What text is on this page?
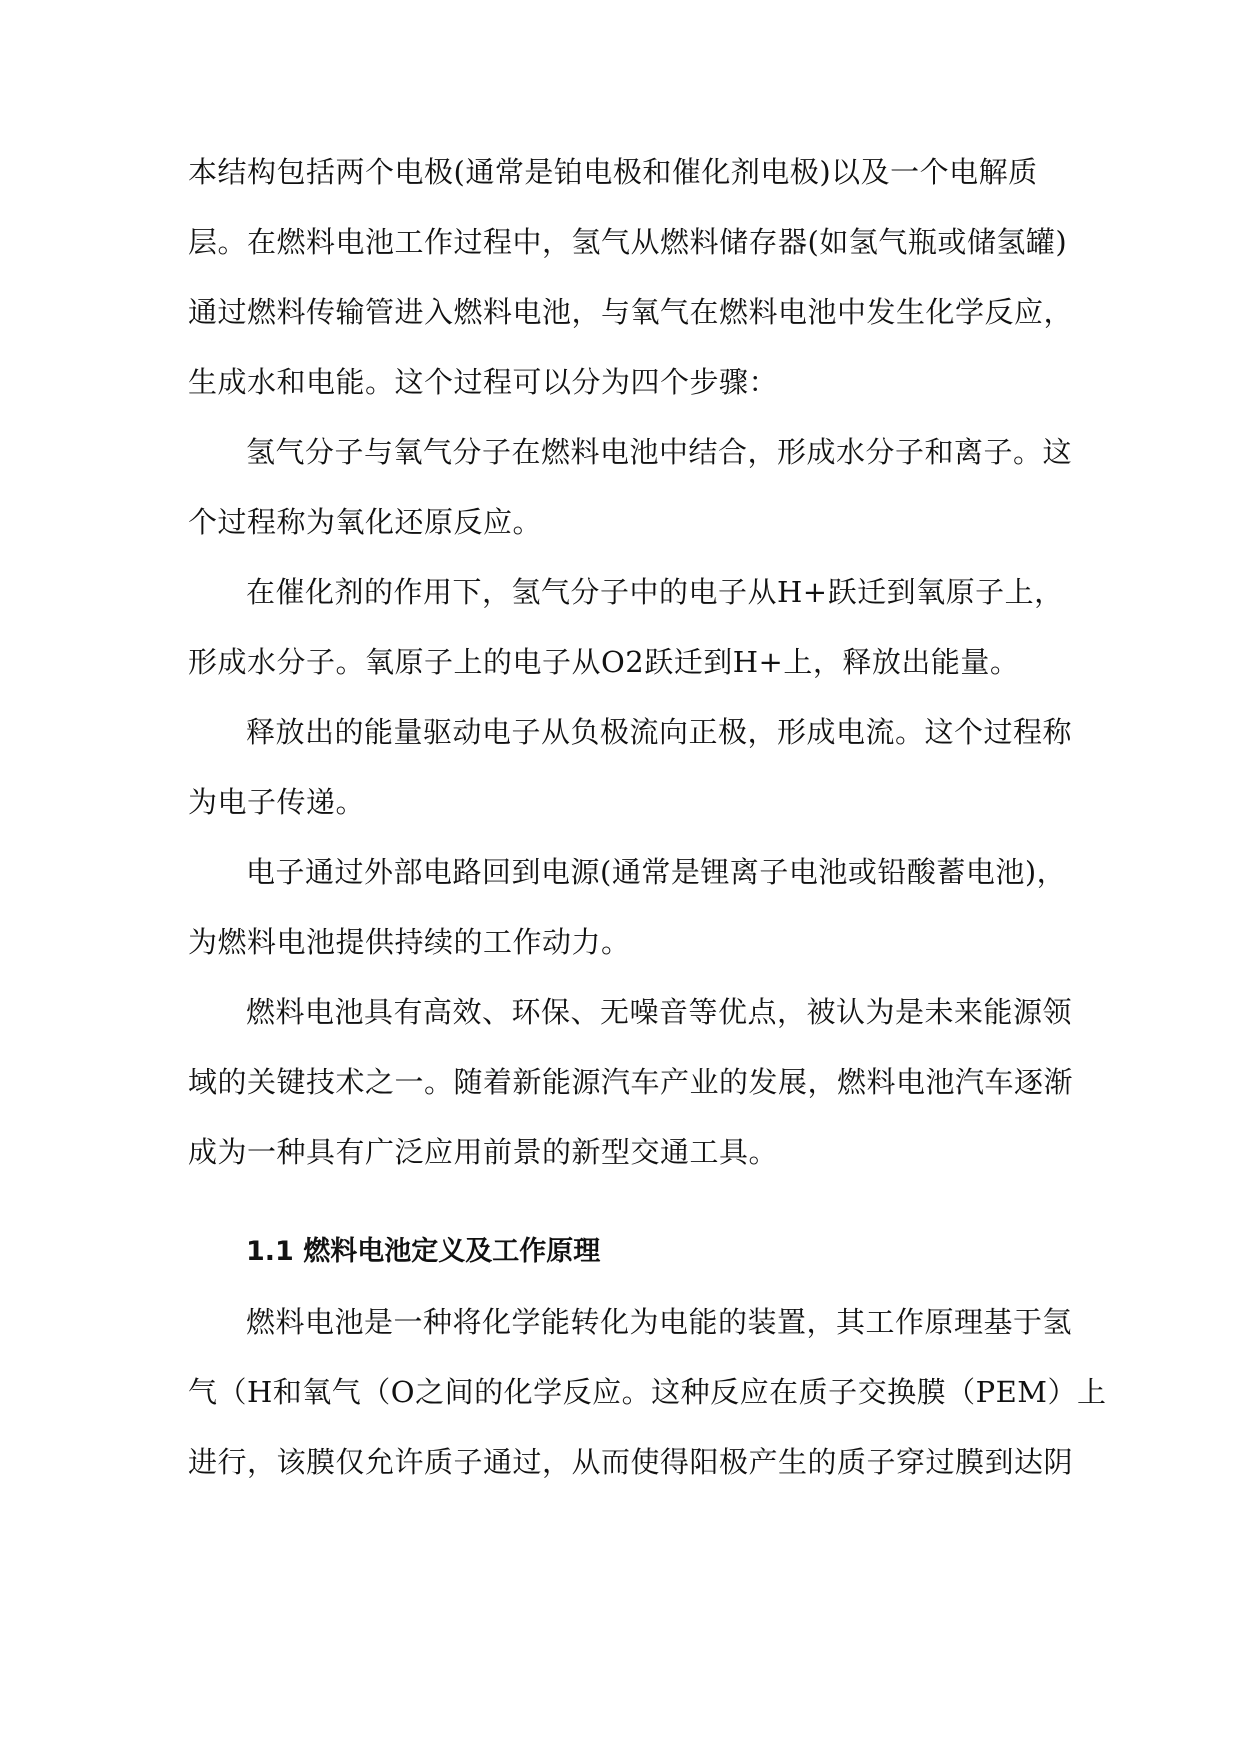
本结构包括两个电极(通常是铂电极和催化剂电极)以及一个电解质
层。在燃料电池工作过程中，氢气从燃料储存器(如氢气瓶或储氢罐)
通过燃料传输管进入燃料电池，与氧气在燃料电池中发生化学反应，
生成水和电能。这个过程可以分为四个步骤：
氢气分子与氧气分子在燃料电池中结合，形成水分子和离子。这
个过程称为氧化还原反应。
在催化剂的作用下，氢气分子中的电子从H+跃迁到氧原子上，
形成水分子。氧原子上的电子从O2跃迁到H+上，释放出能量。
释放出的能量驱动电子从负极流向正极，形成电流。这个过程称
为电子传递。
电子通过外部电路回到电源(通常是锂离子电池或铅酸蓄电池)，
为燃料电池提供持续的工作动力。
燃料电池具有高效、环保、无噪音等优点，被认为是未来能源领
域的关键技术之一。随着新能源汽车产业的发展，燃料电池汽车逐渐
成为一种具有广泛应用前景的新型交通工具。
1.1 燃料电池定义及工作原理
燃料电池是一种将化学能转化为电能的装置，其工作原理基于氢
气（H和氧气（O之间的化学反应。这种反应在质子交换膜（PEM）上
进行，该膜仅允许质子通过，从而使得阳极产生的质子穿过膜到达阴
